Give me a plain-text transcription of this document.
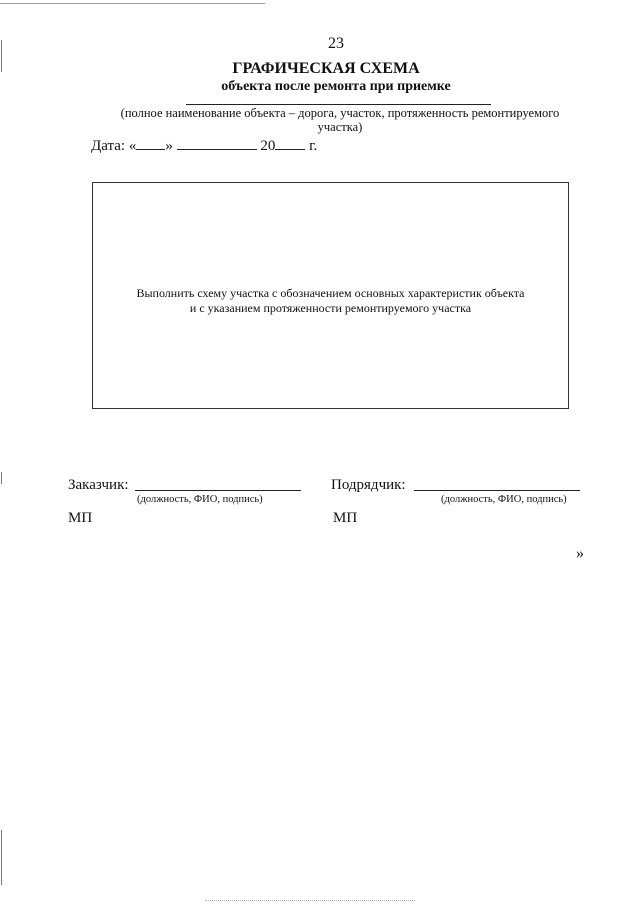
23
ГРАФИЧЕСКАЯ СХЕМА
объекта после ремонта при приемке
(полное наименование объекта – дорога, участок, протяженность ремонтируемого
участка)
Дата: « »	20 г.
Выполнить схему участка с обозначением основных характеристик объекта
и с указанием протяженности ремонтируемого участка
Заказчик:
(должность, ФИО, подпись)
МП
Подрядчик:
(должность, ФИО, подпись)
МП
»
